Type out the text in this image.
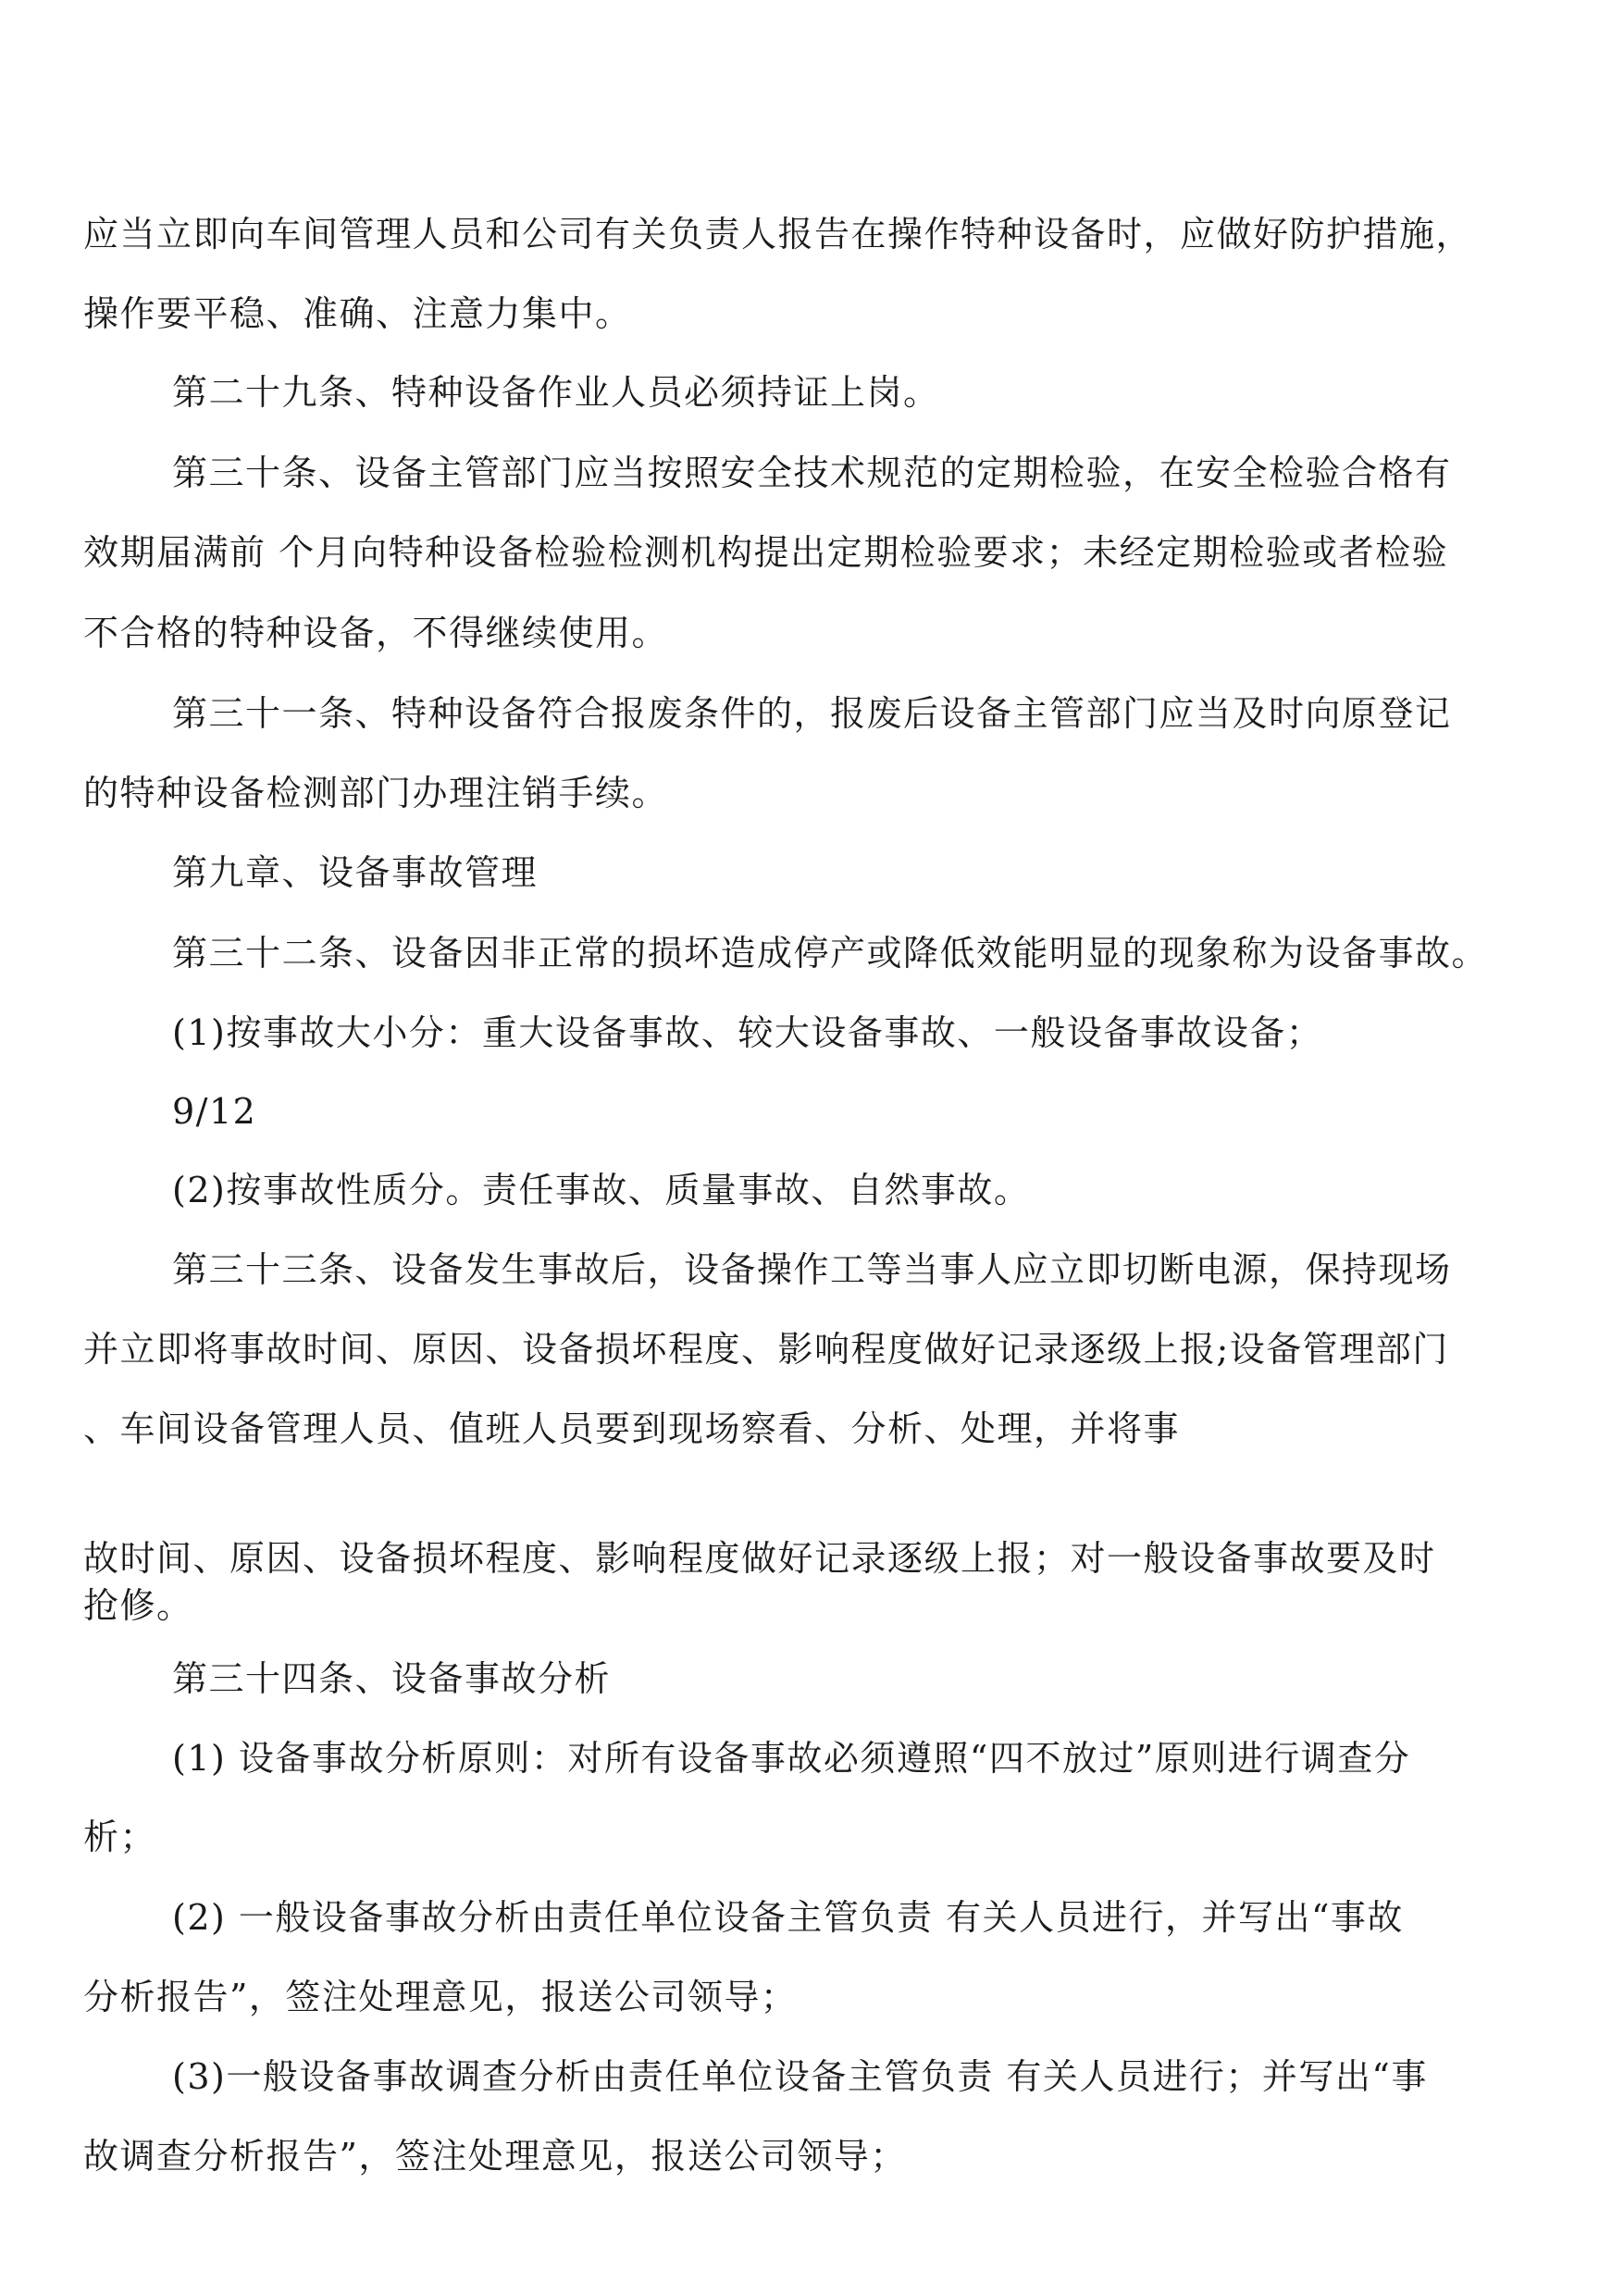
应当立即向车间管理人员和公司有关负责人报告在操作特种设备时，应做好防护措施，
操作要平稳、准确、注意力集中。
第二十九条、特种设备作业人员必须持证上岗。
第三十条、设备主管部门应当按照安全技术规范的定期检验，在安全检验合格有
效期届满前 个月向特种设备检验检测机构提出定期检验要求；未经定期检验或者检验
不合格的特种设备，不得继续使用。
第三十一条、特种设备符合报废条件的，报废后设备主管部门应当及时向原登记
的特种设备检测部门办理注销手续。
第九章、设备事故管理
第三十二条、设备因非正常的损坏造成停产或降低效能明显的现象称为设备事故。
(1)按事故大小分：重大设备事故、较大设备事故、一般设备事故设备；
9/12
(2)按事故性质分。责任事故、质量事故、自然事故。
第三十三条、设备发生事故后，设备操作工等当事人应立即切断电源，保持现场
并立即将事故时间、原因、设备损坏程度、影响程度做好记录逐级上报;设备管理部门
、车间设备管理人员、值班人员要到现场察看、分析、处理，并将事
故时间、原因、设备损坏程度、影响程度做好记录逐级上报；对一般设备事故要及时
抢修。
第三十四条、设备事故分析
(1) 设备事故分析原则：对所有设备事故必须遵照“四不放过”原则进行调查分
析；
(2) 一般设备事故分析由责任单位设备主管负责 有关人员进行，并写出“事故
分析报告”，签注处理意见，报送公司领导；
(3)一般设备事故调查分析由责任单位设备主管负责 有关人员进行；并写出“事
故调查分析报告”，签注处理意见，报送公司领导；
